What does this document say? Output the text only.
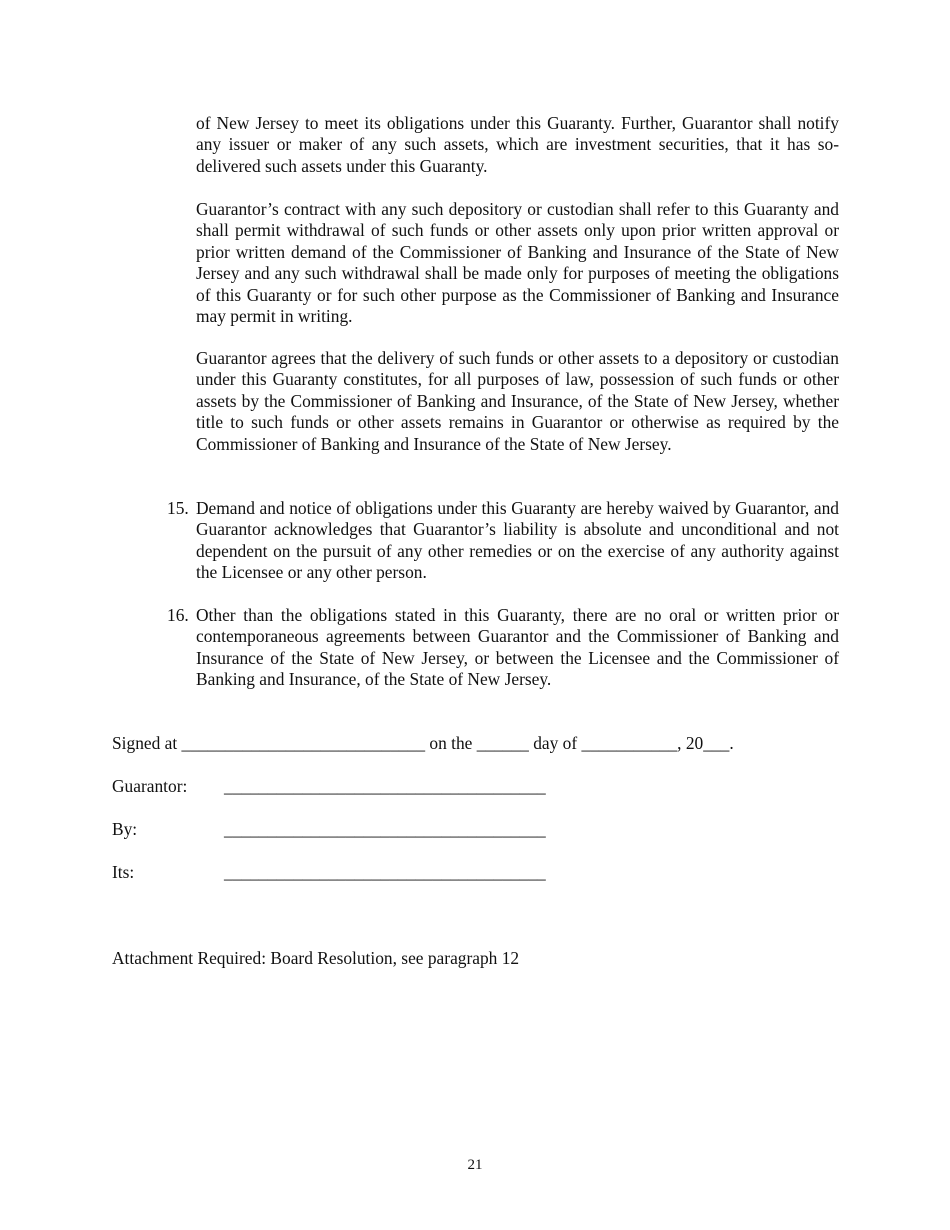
of New Jersey to meet its obligations under this Guaranty. Further, Guarantor shall notify any issuer or maker of any such assets, which are investment securities, that it has so-delivered such assets under this Guaranty.

Guarantor’s contract with any such depository or custodian shall refer to this Guaranty and shall permit withdrawal of such funds or other assets only upon prior written approval or prior written demand of the Commissioner of Banking and Insurance of the State of New Jersey and any such withdrawal shall be made only for purposes of meeting the obligations of this Guaranty or for such other purpose as the Commissioner of Banking and Insurance may permit in writing.

Guarantor agrees that the delivery of such funds or other assets to a depository or custodian under this Guaranty constitutes, for all purposes of law, possession of such funds or other assets by the Commissioner of Banking and Insurance, of the State of New Jersey, whether title to such funds or other assets remains in Guarantor or otherwise as required by the Commissioner of Banking and Insurance of the State of New Jersey.

15. Demand and notice of obligations under this Guaranty are hereby waived by Guarantor, and Guarantor acknowledges that Guarantor’s liability is absolute and unconditional and not dependent on the pursuit of any other remedies or on the exercise of any authority against the Licensee or any other person.

16. Other than the obligations stated in this Guaranty, there are no oral or written prior or contemporaneous agreements between Guarantor and the Commissioner of Banking and Insurance of the State of New Jersey, or between the Licensee and the Commissioner of Banking and Insurance, of the State of New Jersey.

Signed at ____________________________ on the ______ day of ___________, 20___.
Guarantor: _____________________________________
By:	_____________________________________
Its:	_____________________________________
Attachment Required: Board Resolution, see paragraph 12
21
